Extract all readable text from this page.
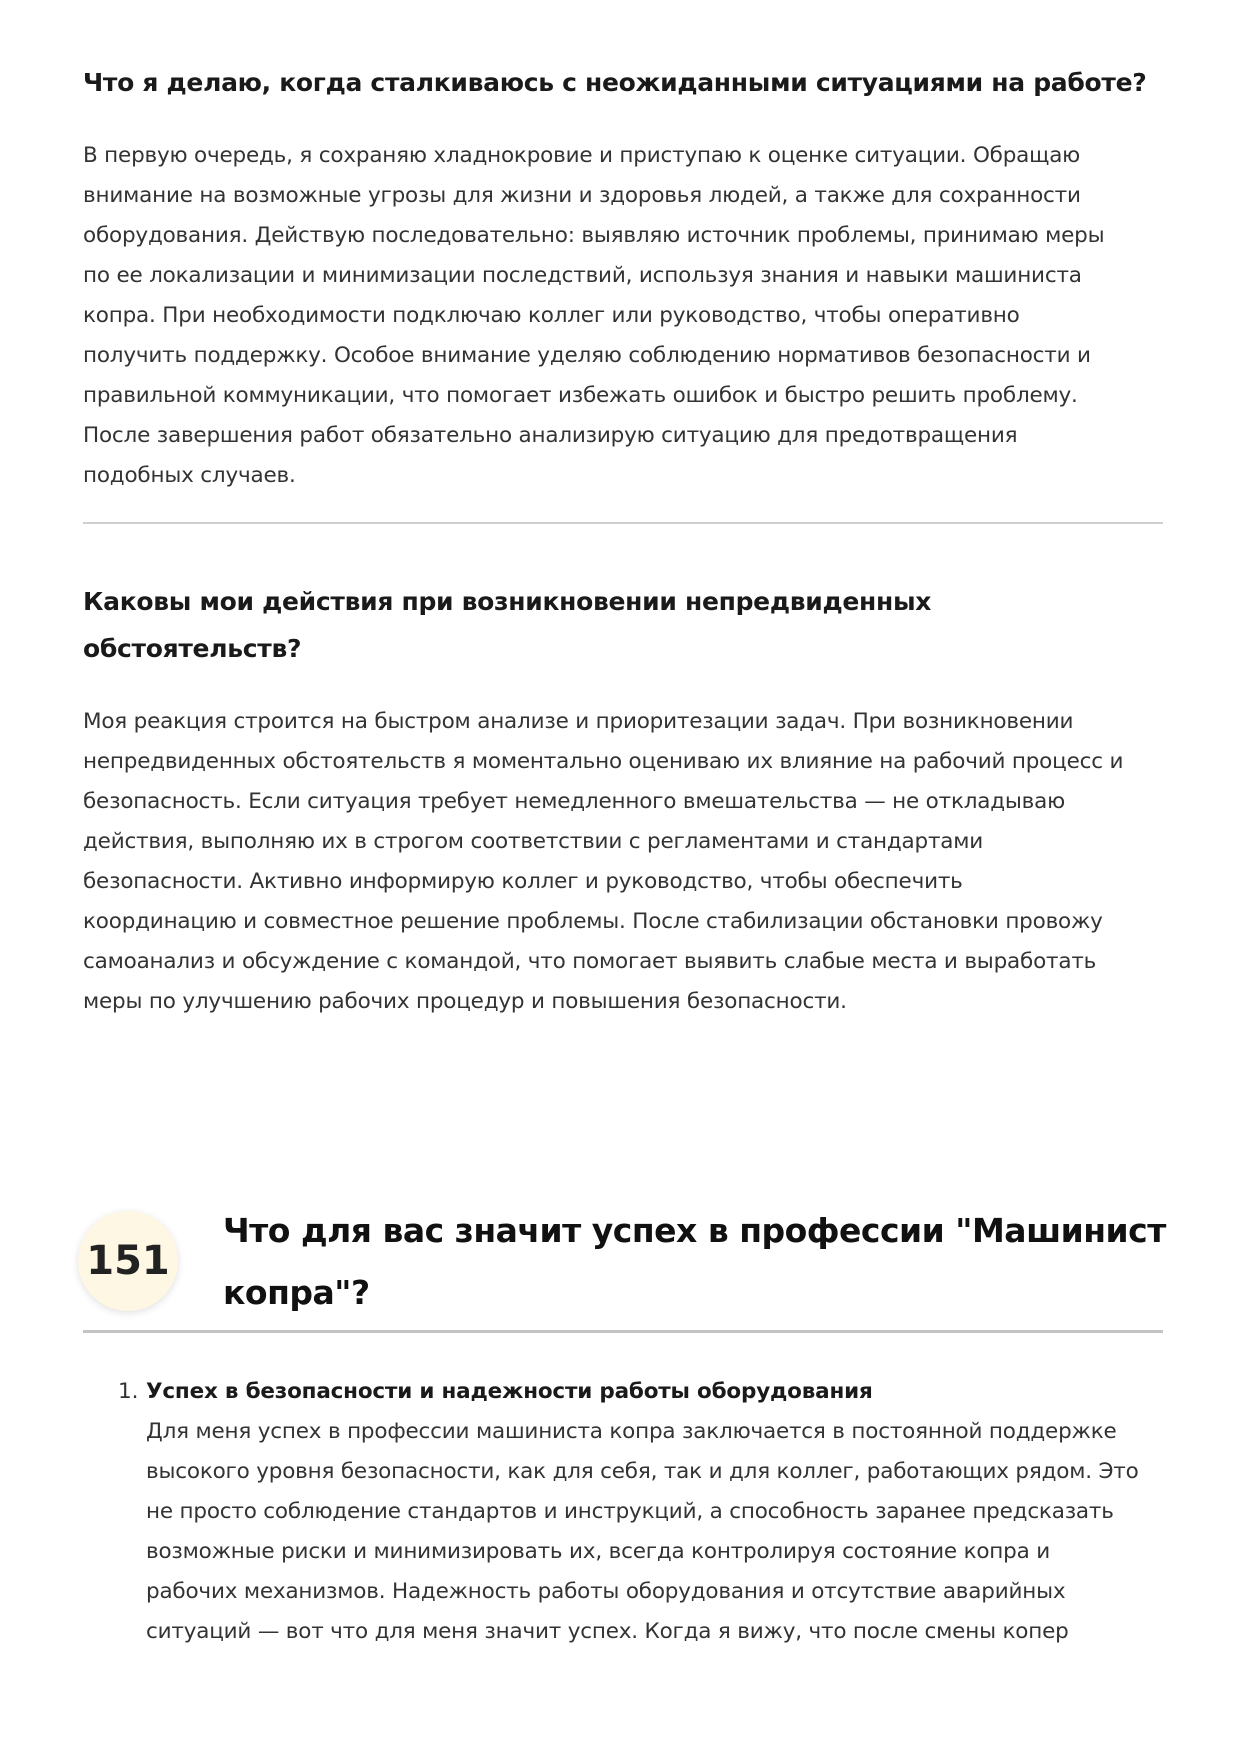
Что я делаю, когда сталкиваюсь с неожиданными ситуациями на работе?
В первую очередь, я сохраняю хладнокровие и приступаю к оценке ситуации. Обращаю
внимание на возможные угрозы для жизни и здоровья людей, а также для сохранности
оборудования. Действую последовательно: выявляю источник проблемы, принимаю меры
по ее локализации и минимизации последствий, используя знания и навыки машиниста
копра. При необходимости подключаю коллег или руководство, чтобы оперативно
получить поддержку. Особое внимание уделяю соблюдению нормативов безопасности и
правильной коммуникации, что помогает избежать ошибок и быстро решить проблему.
После завершения работ обязательно анализирую ситуацию для предотвращения
подобных случаев.
Каковы мои действия при возникновении непредвиденных
обстоятельств?
Моя реакция строится на быстром анализе и приоритезации задач. При возникновении
непредвиденных обстоятельств я моментально оцениваю их влияние на рабочий процесс и
безопасность. Если ситуация требует немедленного вмешательства — не откладываю
действия, выполняю их в строгом соответствии с регламентами и стандартами
безопасности. Активно информирую коллег и руководство, чтобы обеспечить
координацию и совместное решение проблемы. После стабилизации обстановки провожу
самоанализ и обсуждение с командой, что помогает выявить слабые места и выработать
меры по улучшению рабочих процедур и повышения безопасности.
151
Что для вас значит успех в профессии "Машинист
копра"?
1. Успех в безопасности и надежности работы оборудования
Для меня успех в профессии машиниста копра заключается в постоянной поддержке
высокого уровня безопасности, как для себя, так и для коллег, работающих рядом. Это
не просто соблюдение стандартов и инструкций, а способность заранее предсказать
возможные риски и минимизировать их, всегда контролируя состояние копра и
рабочих механизмов. Надежность работы оборудования и отсутствие аварийных
ситуаций — вот что для меня значит успех. Когда я вижу, что после смены копер
